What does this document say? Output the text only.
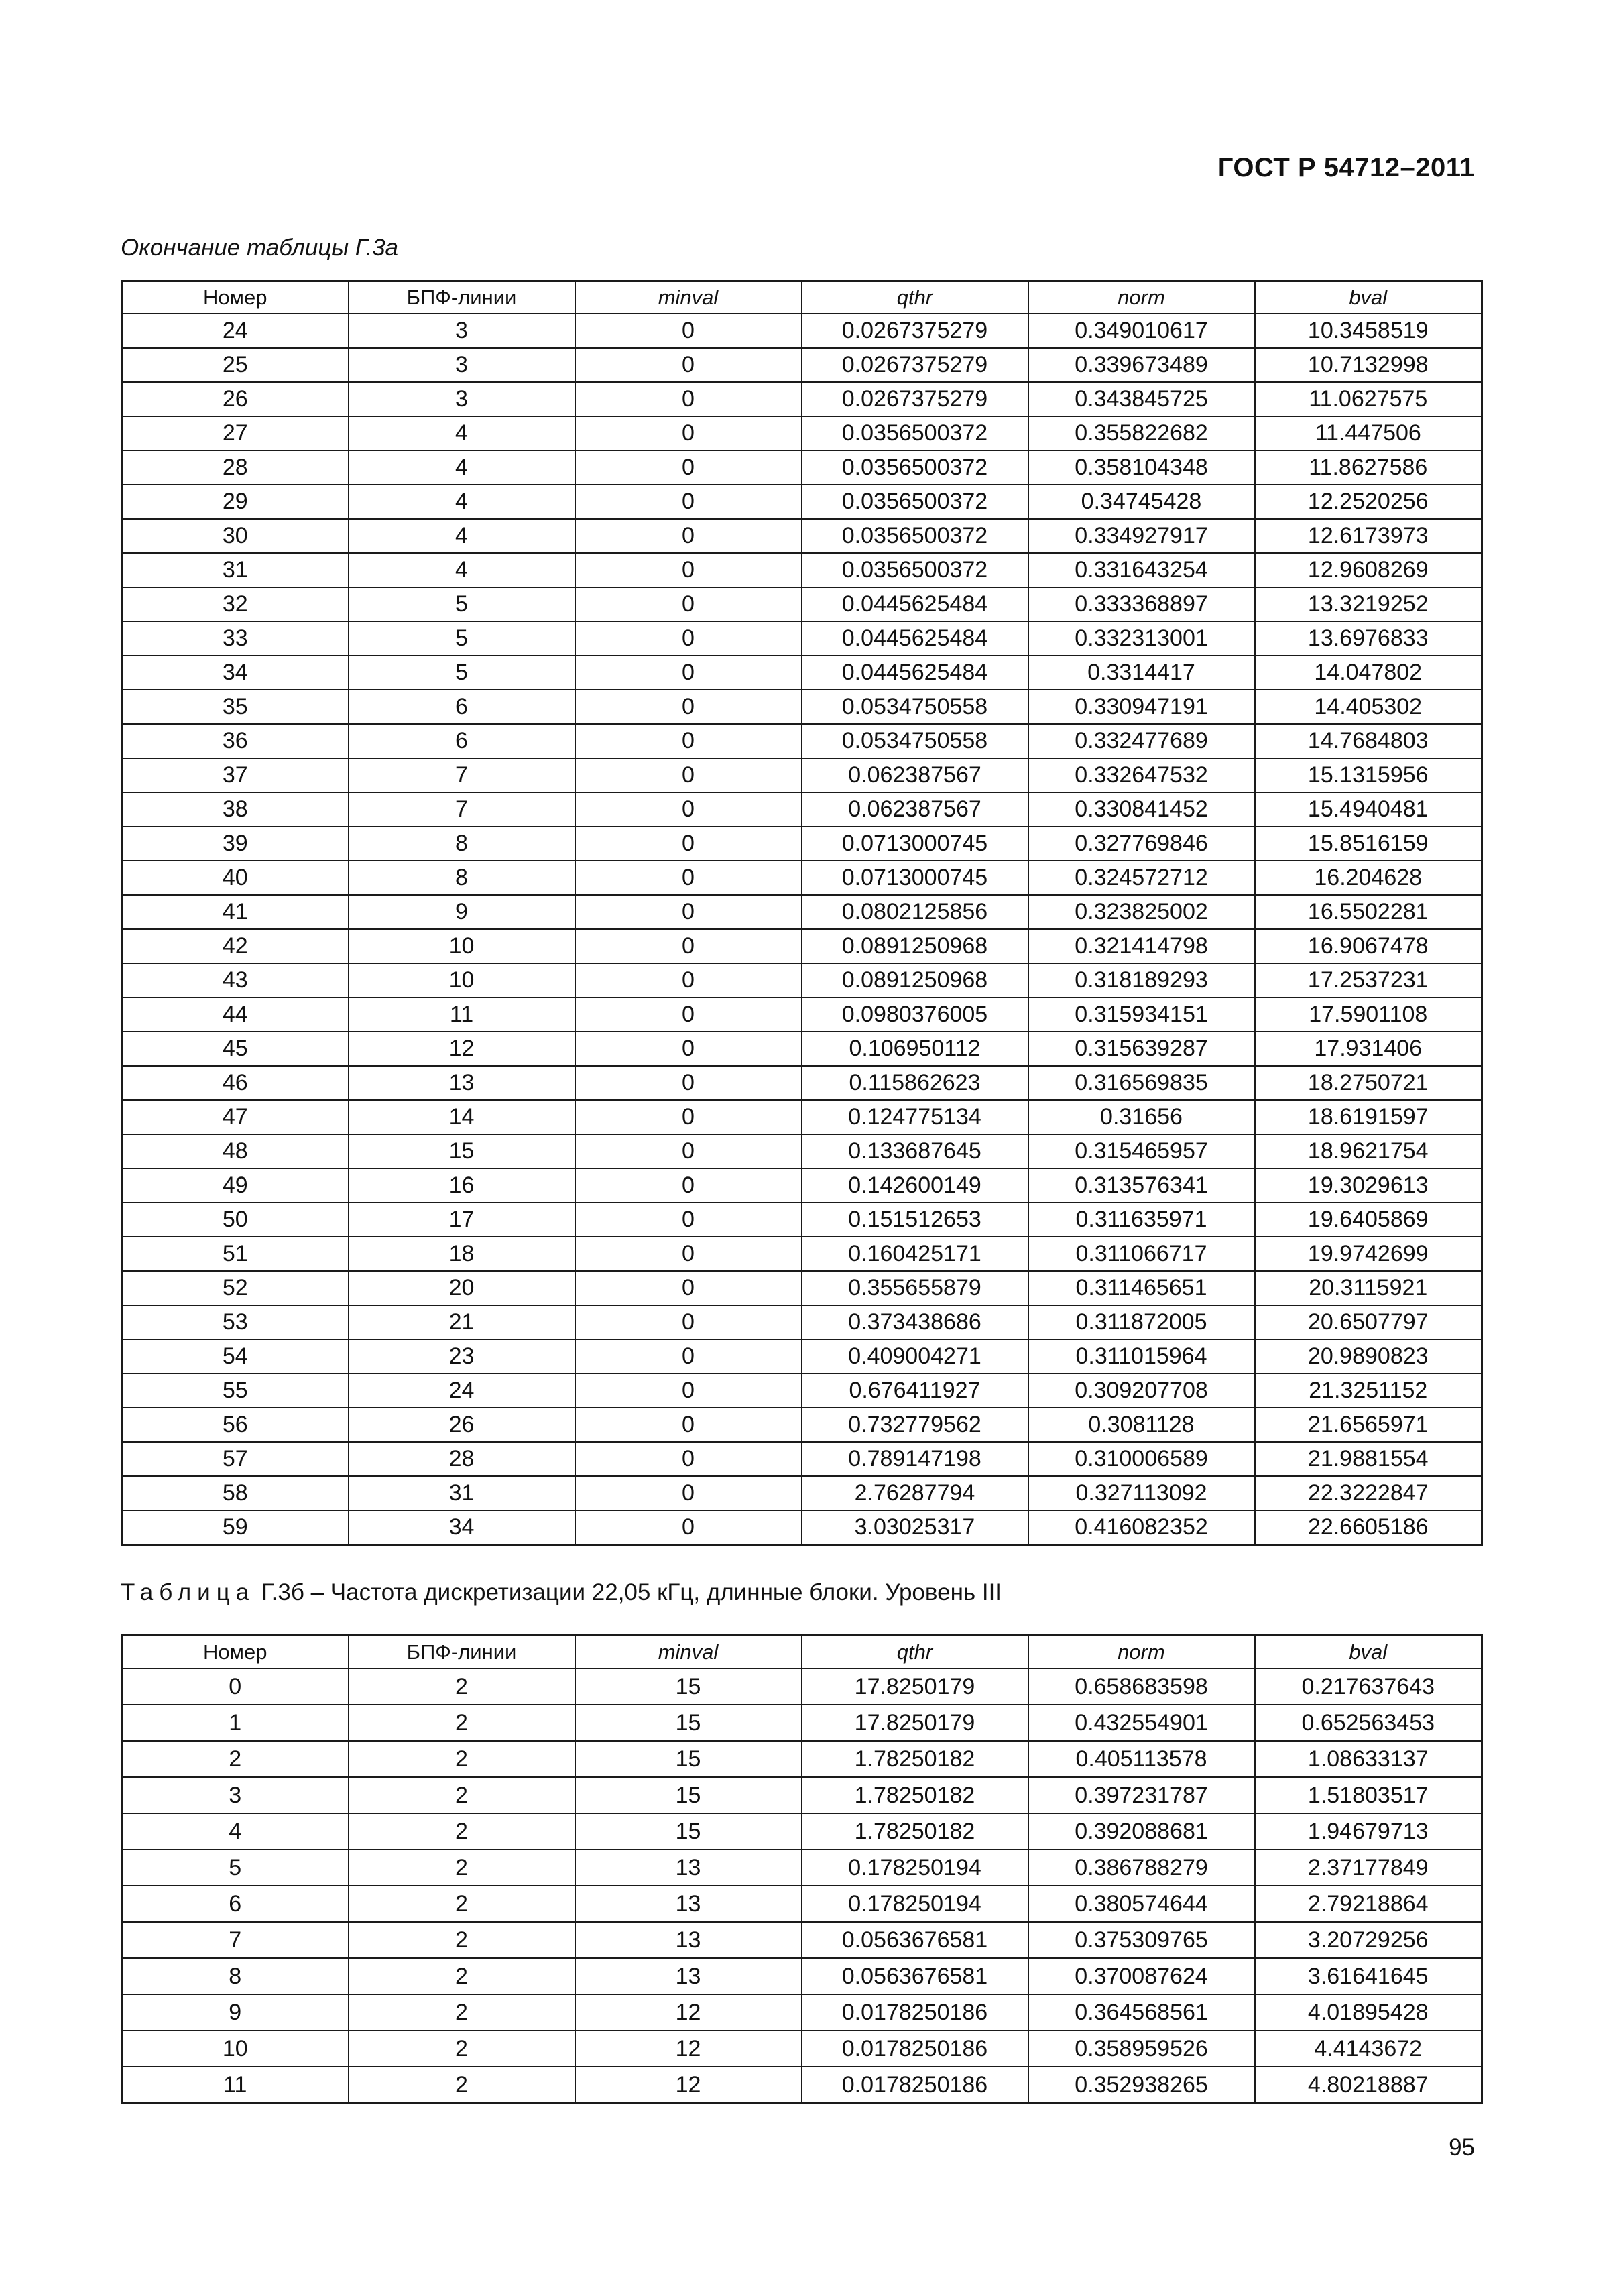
ГОСТ Р 54712–2011
Окончание таблицы Г.3а
Номер	БПФ-линии	minval	qthr	norm	bval
24	3	0	0.0267375279	0.349010617	10.3458519
25	3	0	0.0267375279	0.339673489	10.7132998
26	3	0	0.0267375279	0.343845725	11.0627575
27	4	0	0.0356500372	0.355822682	11.447506
28	4	0	0.0356500372	0.358104348	11.8627586
29	4	0	0.0356500372	0.34745428	12.2520256
30	4	0	0.0356500372	0.334927917	12.6173973
31	4	0	0.0356500372	0.331643254	12.9608269
32	5	0	0.0445625484	0.333368897	13.3219252
33	5	0	0.0445625484	0.332313001	13.6976833
34	5	0	0.0445625484	0.3314417	14.047802
35	6	0	0.0534750558	0.330947191	14.405302
36	6	0	0.0534750558	0.332477689	14.7684803
37	7	0	0.062387567	0.332647532	15.1315956
38	7	0	0.062387567	0.330841452	15.4940481
39	8	0	0.0713000745	0.327769846	15.8516159
40	8	0	0.0713000745	0.324572712	16.204628
41	9	0	0.0802125856	0.323825002	16.5502281
42	10	0	0.0891250968	0.321414798	16.9067478
43	10	0	0.0891250968	0.318189293	17.2537231
44	11	0	0.0980376005	0.315934151	17.5901108
45	12	0	0.106950112	0.315639287	17.931406
46	13	0	0.115862623	0.316569835	18.2750721
47	14	0	0.124775134	0.31656	18.6191597
48	15	0	0.133687645	0.315465957	18.9621754
49	16	0	0.142600149	0.313576341	19.3029613
50	17	0	0.151512653	0.311635971	19.6405869
51	18	0	0.160425171	0.311066717	19.9742699
52	20	0	0.355655879	0.311465651	20.3115921
53	21	0	0.373438686	0.311872005	20.6507797
54	23	0	0.409004271	0.311015964	20.9890823
55	24	0	0.676411927	0.309207708	21.3251152
56	26	0	0.732779562	0.3081128	21.6565971
57	28	0	0.789147198	0.310006589	21.9881554
58	31	0	2.76287794	0.327113092	22.3222847
59	34	0	3.03025317	0.416082352	22.6605186
Таблица Г.3б – Частота дискретизации 22,05 кГц, длинные блоки. Уровень III
Номер	БПФ-линии	minval	qthr	norm	bval
0	2	15	17.8250179	0.658683598	0.217637643
1	2	15	17.8250179	0.432554901	0.652563453
2	2	15	1.78250182	0.405113578	1.08633137
3	2	15	1.78250182	0.397231787	1.51803517
4	2	15	1.78250182	0.392088681	1.94679713
5	2	13	0.178250194	0.386788279	2.37177849
6	2	13	0.178250194	0.380574644	2.79218864
7	2	13	0.0563676581	0.375309765	3.20729256
8	2	13	0.0563676581	0.370087624	3.61641645
9	2	12	0.0178250186	0.364568561	4.01895428
10	2	12	0.0178250186	0.358959526	4.4143672
11	2	12	0.0178250186	0.352938265	4.80218887
95
